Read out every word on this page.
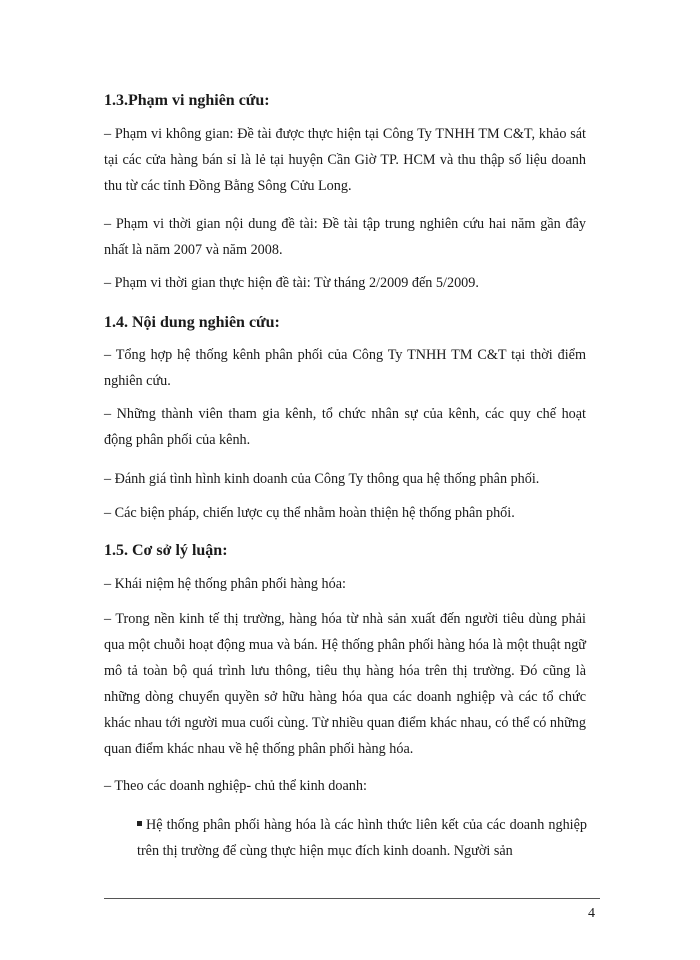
1.3.Phạm vi nghiên cứu:

– Phạm vi không gian: Đề tài được thực hiện tại Công Ty TNHH TM C&T, khảo sát tại các cửa hàng bán sỉ là lẻ tại huyện Cần Giờ TP. HCM và thu thập số liệu doanh thu từ các tỉnh Đồng Bằng Sông Cửu Long.

– Phạm vi thời gian nội dung đề tài: Đề tài tập trung nghiên cứu hai năm gần đây nhất là năm 2007 và năm 2008.

– Phạm vi thời gian thực hiện đề tài: Từ tháng 2/2009 đến 5/2009.

1.4. Nội dung nghiên cứu:

– Tổng hợp hệ thống kênh phân phối của Công Ty TNHH TM C&T tại thời điểm nghiên cứu.

– Những thành viên tham gia kênh, tổ chức nhân sự của kênh, các quy chế hoạt động phân phối của kênh.

– Đánh giá tình hình kinh doanh của Công Ty thông qua hệ thống phân phối.

– Các biện pháp, chiến lược cụ thể nhằm hoàn thiện hệ thống phân phối.

1.5. Cơ sở lý luận:

– Khái niệm hệ thống phân phối hàng hóa:

– Trong nền kinh tế thị trường, hàng hóa từ nhà sản xuất đến người tiêu dùng phải qua một chuỗi hoạt động mua và bán. Hệ thống phân phối hàng hóa là một thuật ngữ mô tả toàn bộ quá trình lưu thông, tiêu thụ hàng hóa trên thị trường. Đó cũng là những dòng chuyển quyền sở hữu hàng hóa qua các doanh nghiệp và các tổ chức khác nhau tới người mua cuối cùng. Từ nhiều quan điểm khác nhau, có thể có những quan điểm khác nhau về hệ thống phân phối hàng hóa.

– Theo các doanh nghiệp- chủ thể kinh doanh:

Hệ thống phân phối hàng hóa là các hình thức liên kết của các doanh nghiệp trên thị trường để cùng thực hiện mục đích kinh doanh. Người sản

4
